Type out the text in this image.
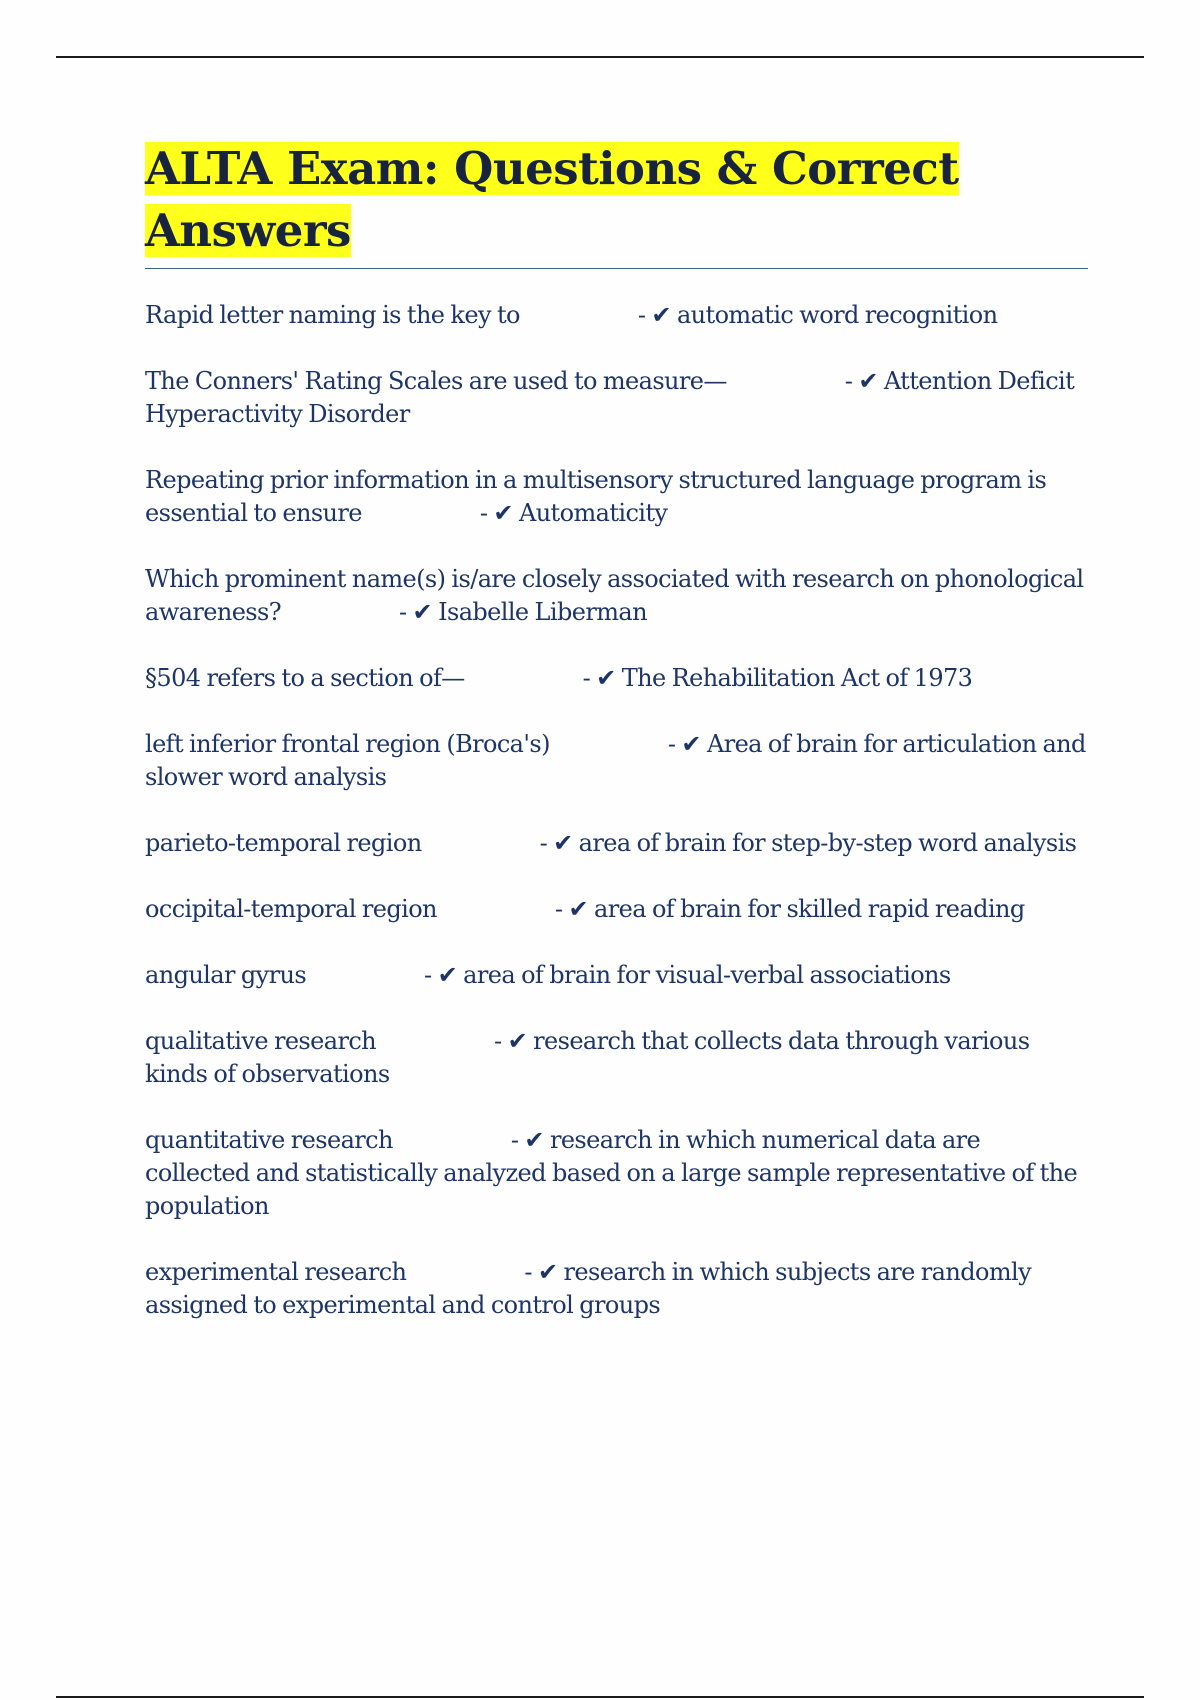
ALTA Exam: Questions & Correct Answers
Rapid letter naming is the key to	- ✔ automatic word recognition
The Conners' Rating Scales are used to measure—	- ✔ Attention Deficit Hyperactivity Disorder
Repeating prior information in a multisensory structured language program is essential to ensure	- ✔ Automaticity
Which prominent name(s) is/are closely associated with research on phonological awareness?	- ✔ Isabelle Liberman
§504 refers to a section of—	- ✔ The Rehabilitation Act of 1973
left inferior frontal region (Broca's)	- ✔ Area of brain for articulation and slower word analysis
parieto-temporal region	- ✔ area of brain for step-by-step word analysis
occipital-temporal region	- ✔ area of brain for skilled rapid reading
angular gyrus	- ✔ area of brain for visual-verbal associations
qualitative research	- ✔ research that collects data through various kinds of observations
quantitative research	- ✔ research in which numerical data are collected and statistically analyzed based on a large sample representative of the population
experimental research	- ✔ research in which subjects are randomly assigned to experimental and control groups
